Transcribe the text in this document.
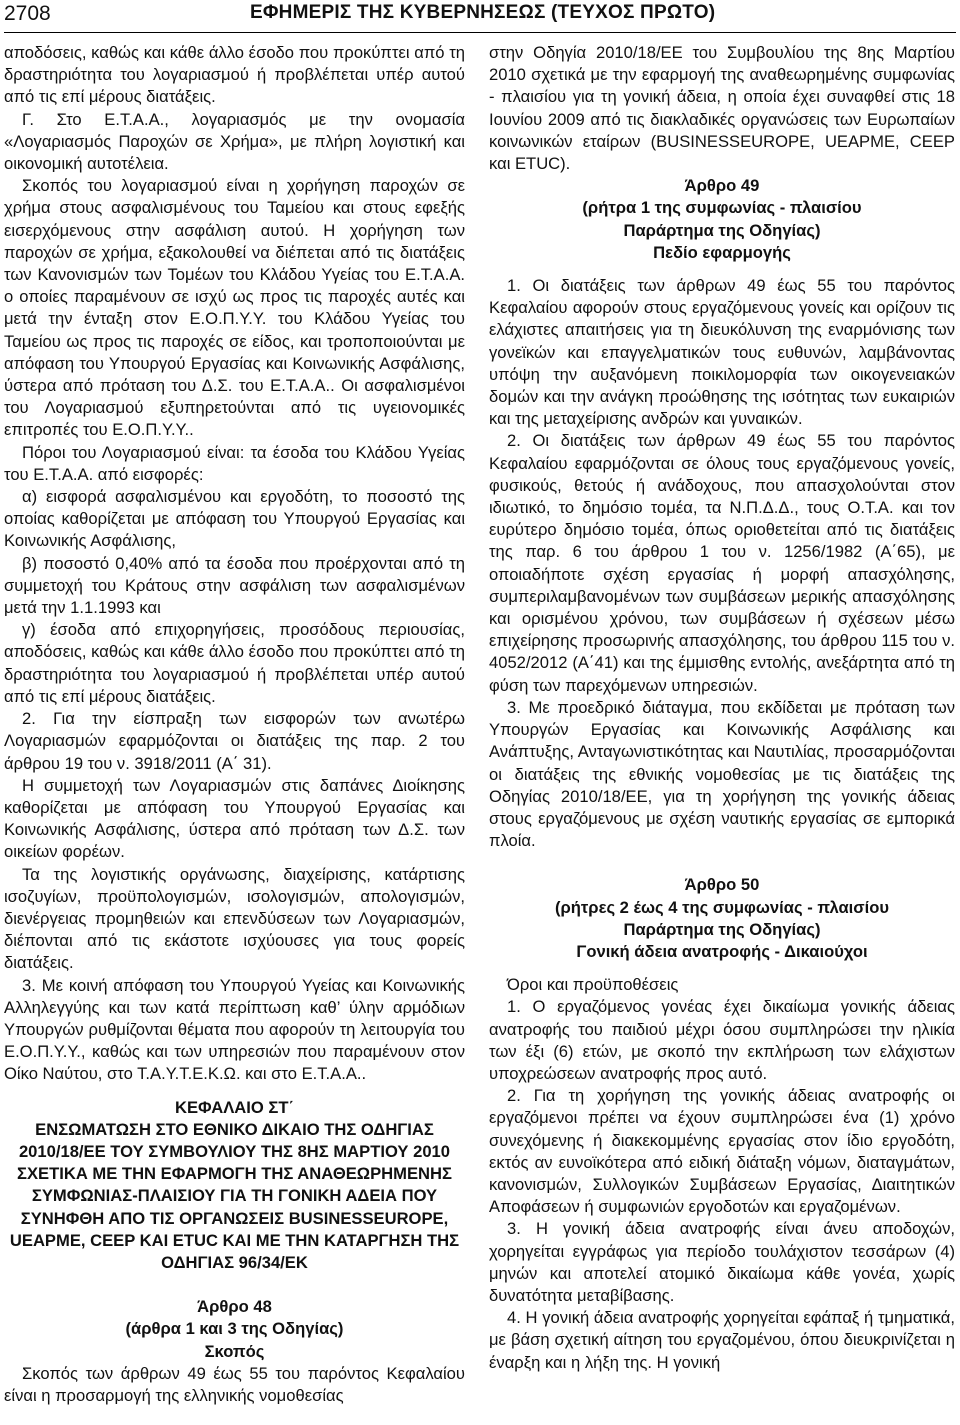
2708	ΕΦΗΜΕΡΙΣ ΤΗΣ ΚΥΒΕΡΝΗΣΕΩΣ (ΤΕΥΧΟΣ ΠΡΩΤΟ)

αποδόσεις, καθώς και κάθε άλλο έσοδο που προκύπτει από τη δραστηριότητα του λογαριασμού ή προβλέπεται υπέρ αυτού από τις επί μέρους διατάξεις.

Γ. Στο Ε.Τ.Α.Α., λογαριασμός με την ονομασία «Λογαριασμός Παροχών σε Χρήμα», με πλήρη λογιστική και οικονομική αυτοτέλεια.

Σκοπός του λογαριασμού είναι η χορήγηση παροχών σε χρήμα στους ασφαλισμένους του Ταμείου και στους εφεξής εισερχόμενους στην ασφάλιση αυτού. Η χορήγηση των παροχών σε χρήμα, εξακολουθεί να διέπεται από τις διατάξεις των Κανονισμών των Τομέων του Κλάδου Υγείας του Ε.Τ.Α.Α. ο οποίες παραμένουν σε ισχύ ως προς τις παροχές αυτές και μετά την ένταξη στον Ε.Ο.Π.Υ.Υ. του Κλάδου Υγείας του Ταμείου ως προς τις παροχές σε είδος, και τροποποιούνται με απόφαση του Υπουργού Εργασίας και Κοινωνικής Ασφάλισης, ύστερα από πρόταση του Δ.Σ. του Ε.Τ.Α.Α.. Οι ασφαλισμένοι του Λογαριασμού εξυπηρετούνται από τις υγειονομικές επιτροπές του Ε.Ο.Π.Υ.Υ..

Πόροι του Λογαριασμού είναι: τα έσοδα του Κλάδου Υγείας του Ε.Τ.Α.Α. από εισφορές:

α) εισφορά ασφαλισμένου και εργοδότη, το ποσοστό της οποίας καθορίζεται με απόφαση του Υπουργού Εργασίας και Κοινωνικής Ασφάλισης,

β) ποσοστό 0,40% από τα έσοδα που προέρχονται από τη συμμετοχή του Κράτους στην ασφάλιση των ασφαλισμένων μετά την 1.1.1993 και

γ) έσοδα από επιχορηγήσεις, προσόδους περιουσίας, αποδόσεις, καθώς και κάθε άλλο έσοδο που προκύπτει από τη δραστηριότητα του λογαριασμού ή προβλέπεται υπέρ αυτού από τις επί μέρους διατάξεις.

2. Για την είσπραξη των εισφορών των ανωτέρω Λογαριασμών εφαρμόζονται οι διατάξεις της παρ. 2 του άρθρου 19 του ν. 3918/2011 (Α΄ 31).

Η συμμετοχή των Λογαριασμών στις δαπάνες Διοίκησης καθορίζεται με απόφαση του Υπουργού Εργασίας και Κοινωνικής Ασφάλισης, ύστερα από πρόταση των Δ.Σ. των οικείων φορέων.

Τα της λογιστικής οργάνωσης, διαχείρισης, κατάρτισης ισοζυγίων, προϋπολογισμών, ισολογισμών, απολογισμών, διενέργειας προμηθειών και επενδύσεων των Λογαριασμών, διέπονται από τις εκάστοτε ισχύουσες για τους φορείς διατάξεις.

3. Με κοινή απόφαση του Υπουργού Υγείας και Κοινωνικής Αλληλεγγύης και των κατά περίπτωση καθ’ ύλην αρμόδιων Υπουργών ρυθμίζονται θέματα που αφορούν τη λειτουργία του Ε.Ο.Π.Υ.Υ., καθώς και των υπηρεσιών που παραμένουν στον Οίκο Ναύτου, στο Τ.Α.Υ.Τ.Ε.Κ.Ω. και στο Ε.Τ.Α.Α..

ΚΕΦΑΛΑΙΟ ΣΤ΄

ΕΝΣΩΜΑΤΩΣΗ ΣΤΟ ΕΘΝΙΚΟ ΔΙΚΑΙΟ ΤΗΣ ΟΔΗΓΙΑΣ 2010/18/ΕΕ ΤΟΥ ΣΥΜΒΟΥΛΙΟΥ ΤΗΣ 8ΗΣ ΜΑΡΤΙΟΥ 2010 ΣΧΕΤΙΚΑ ΜΕ ΤΗΝ ΕΦΑΡΜΟΓΗ ΤΗΣ ΑΝΑΘΕΩΡΗΜΕΝΗΣ ΣΥΜΦΩΝΙΑΣ-ΠΛΑΙΣΙΟΥ ΓΙΑ ΤΗ ΓΟΝΙΚΗ ΑΔΕΙΑ ΠΟΥ ΣΥΝΗΦΘΗ ΑΠΟ ΤΙΣ ΟΡΓΑΝΩΣΕΙΣ BUSINESSEUROPE, UEAPME, CEEP ΚΑΙ ETUC ΚΑΙ ΜΕ ΤΗΝ ΚΑΤΑΡΓΗΣΗ ΤΗΣ ΟΔΗΓΙΑΣ 96/34/ΕΚ

Άρθρο 48

(άρθρα 1 και 3 της Οδηγίας)

Σκοπός

Σκοπός των άρθρων 49 έως 55 του παρόντος Κεφαλαίου είναι η προσαρμογή της ελληνικής νομοθεσίας

στην Οδηγία 2010/18/ΕΕ του Συμβουλίου της 8ης Μαρτίου 2010 σχετικά με την εφαρμογή της αναθεωρημένης συμφωνίας - πλαισίου για τη γονική άδεια, η οποία έχει συναφθεί στις 18 Ιουνίου 2009 από τις διακλαδικές οργανώσεις των Ευρωπαίων κοινωνικών εταίρων (BUSINESSEUROPE, UEAPME, CEEP και ETUC).

Άρθρο 49

(ρήτρα 1 της συμφωνίας - πλαισίου

Παράρτημα της Οδηγίας)

Πεδίο εφαρμογής

1. Οι διατάξεις των άρθρων 49 έως 55 του παρόντος Κεφαλαίου αφορούν στους εργαζόμενους γονείς και ορίζουν τις ελάχιστες απαιτήσεις για τη διευκόλυνση της εναρμόνισης των γονεϊκών και επαγγελματικών τους ευθυνών, λαμβάνοντας υπόψη την αυξανόμενη ποικιλομορφία των οικογενειακών δομών και την ανάγκη προώθησης της ισότητας των ευκαιριών και της μεταχείρισης ανδρών και γυναικών.

2. Οι διατάξεις των άρθρων 49 έως 55 του παρόντος Κεφαλαίου εφαρμόζονται σε όλους τους εργαζόμενους γονείς, φυσικούς, θετούς ή ανάδοχους, που απασχολούνται στον ιδιωτικό, το δημόσιο τομέα, τα Ν.Π.Δ.Δ., τους Ο.Τ.Α. και τον ευρύτερο δημόσιο τομέα, όπως οριοθετείται από τις διατάξεις της παρ. 6 του άρθρου 1 του ν. 1256/1982 (Α΄65), με οποιαδήποτε σχέση εργασίας ή μορφή απασχόλησης, συμπεριλαμβανομένων των συμβάσεων μερικής απασχόλησης και ορισμένου χρόνου, των συμβάσεων ή σχέσεων μέσω επιχείρησης προσωρινής απασχόλησης, του άρθρου 115 του ν. 4052/2012 (Α΄41) και της έμμισθης εντολής, ανεξάρτητα από τη φύση των παρεχόμενων υπηρεσιών.

3. Με προεδρικό διάταγμα, που εκδίδεται με πρόταση των Υπουργών Εργασίας και Κοινωνικής Ασφάλισης και Ανάπτυξης, Ανταγωνιστικότητας και Ναυτιλίας, προσαρμόζονται οι διατάξεις της εθνικής νομοθεσίας με τις διατάξεις της Οδηγίας 2010/18/ΕΕ, για τη χορήγηση της γονικής άδειας στους εργαζόμενους με σχέση ναυτικής εργασίας σε εμπορικά πλοία.

Άρθρο 50

(ρήτρες 2 έως 4 της συμφωνίας - πλαισίου

Παράρτημα της Οδηγίας)

Γονική άδεια ανατροφής - Δικαιούχοι

Όροι και προϋποθέσεις

1. Ο εργαζόμενος γονέας έχει δικαίωμα γονικής άδειας ανατροφής του παιδιού μέχρι όσου συμπληρώσει την ηλικία των έξι (6) ετών, με σκοπό την εκπλήρωση των ελάχιστων υποχρεώσεων ανατροφής προς αυτό.

2. Για τη χορήγηση της γονικής άδειας ανατροφής οι εργαζόμενοι πρέπει να έχουν συμπληρώσει ένα (1) χρόνο συνεχόμενης ή διακεκομμένης εργασίας στον ίδιο εργοδότη, εκτός αν ευνοϊκότερα από ειδική διάταξη νόμων, διαταγμάτων, κανονισμών, Συλλογικών Συμβάσεων Εργασίας, Διαιτητικών Αποφάσεων ή συμφωνιών εργοδοτών και εργαζομένων.

3. Η γονική άδεια ανατροφής είναι άνευ αποδοχών, χορηγείται εγγράφως για περίοδο τουλάχιστον τεσσάρων (4) μηνών και αποτελεί ατομικό δικαίωμα κάθε γονέα, χωρίς δυνατότητα μεταβίβασης.

4. Η γονική άδεια ανατροφής χορηγείται εφάπαξ ή τμηματικά, με βάση σχετική αίτηση του εργαζομένου, όπου διευκρινίζεται η έναρξη και η λήξη της. Η γονική
